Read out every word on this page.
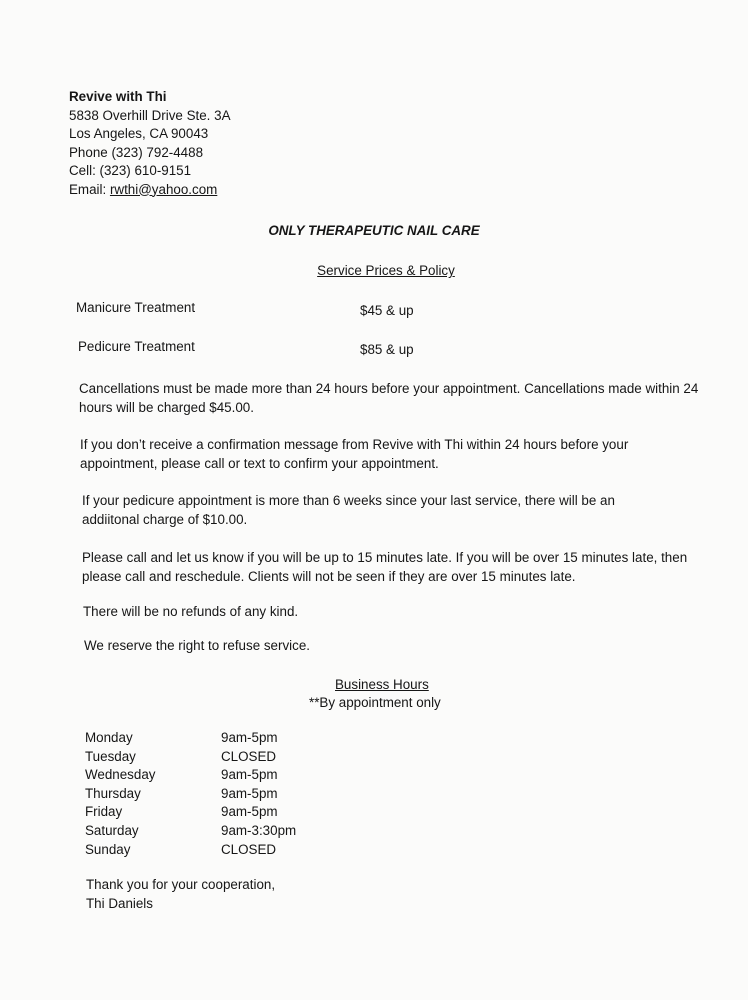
Revive with Thi
5838 Overhill Drive Ste. 3A
Los Angeles, CA 90043
Phone (323) 792-4488
Cell: (323) 610-9151
Email: rwthi@yahoo.com
ONLY THERAPEUTIC NAIL CARE
Service Prices & Policy
Manicure Treatment	$45 & up
Pedicure Treatment	$85 & up

Cancellations must be made more than 24 hours before your appointment. Cancellations made within 24 hours will be charged $45.00.

If you don’t receive a confirmation message from Revive with Thi within 24 hours before your appointment, please call or text to confirm your appointment.

If your pedicure appointment is more than 6 weeks since your last service, there will be an addiitonal charge of $10.00.

Please call and let us know if you will be up to 15 minutes late. If you will be over 15 minutes late, then please call and reschedule. Clients will not be seen if they are over 15 minutes late.

There will be no refunds of any kind.

We reserve the right to refuse service.

Business Hours
**By appointment only
Monday	9am-5pm
Tuesday	CLOSED
Wednesday	9am-5pm
Thursday	9am-5pm
Friday	9am-5pm
Saturday	9am-3:30pm
Sunday	CLOSED
Thank you for your cooperation,
Thi Daniels
